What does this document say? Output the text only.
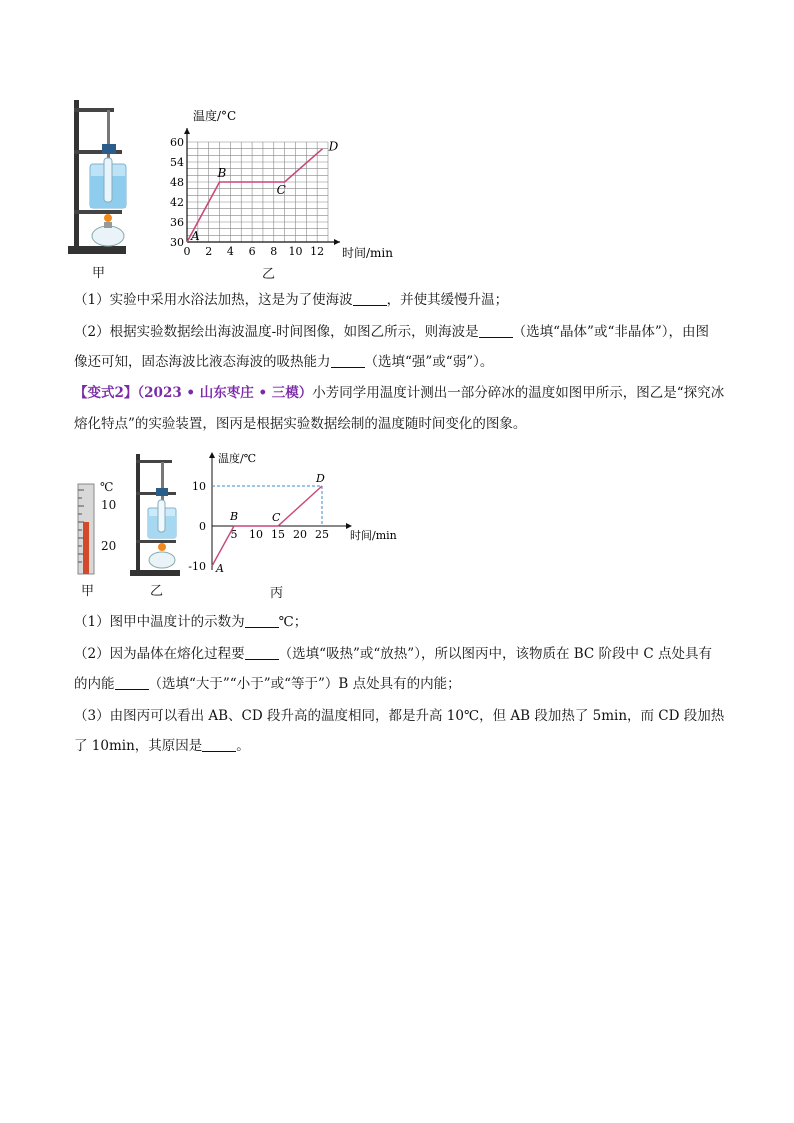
甲
0 2 4 6 8 10 12
30
36
42
48
54
60
温度/°C
时间/min
A
B
C
D
乙
（1）实验中采用水浴法加热，这是为了使海波	，并使其缓慢升温；
（2）根据实验数据绘出海波温度-时间图像，如图乙所示，则海波是	（选填“晶体”或“非晶体”），由图
像还可知，固态海波比液态海波的吸热能力	（选填“强”或“弱”）。
【变式2】（2023 • 山东枣庄 • 三模）小芳同学用温度计测出一部分碎冰的温度如图甲所示，图乙是“探究冰
熔化特点”的实验装置，图丙是根据实验数据绘制的温度随时间变化的图象。
℃
10
20
甲	乙
温度/℃
时间/min
5 10 15 20 25
10
0
-10 A
B	C
D
丙
（1）图甲中温度计的示数为	℃；
（2）因为晶体在熔化过程要	（选填“吸热”或“放热”），所以图丙中，该物质在 BC 阶段中 C 点处具有
的内能	（选填“大于”“小于”或“等于”）B 点处具有的内能；
（3）由图丙可以看出 AB、CD 段升高的温度相同，都是升高 10℃，但 AB 段加热了 5min，而 CD 段加热
了 10min，其原因是	。
